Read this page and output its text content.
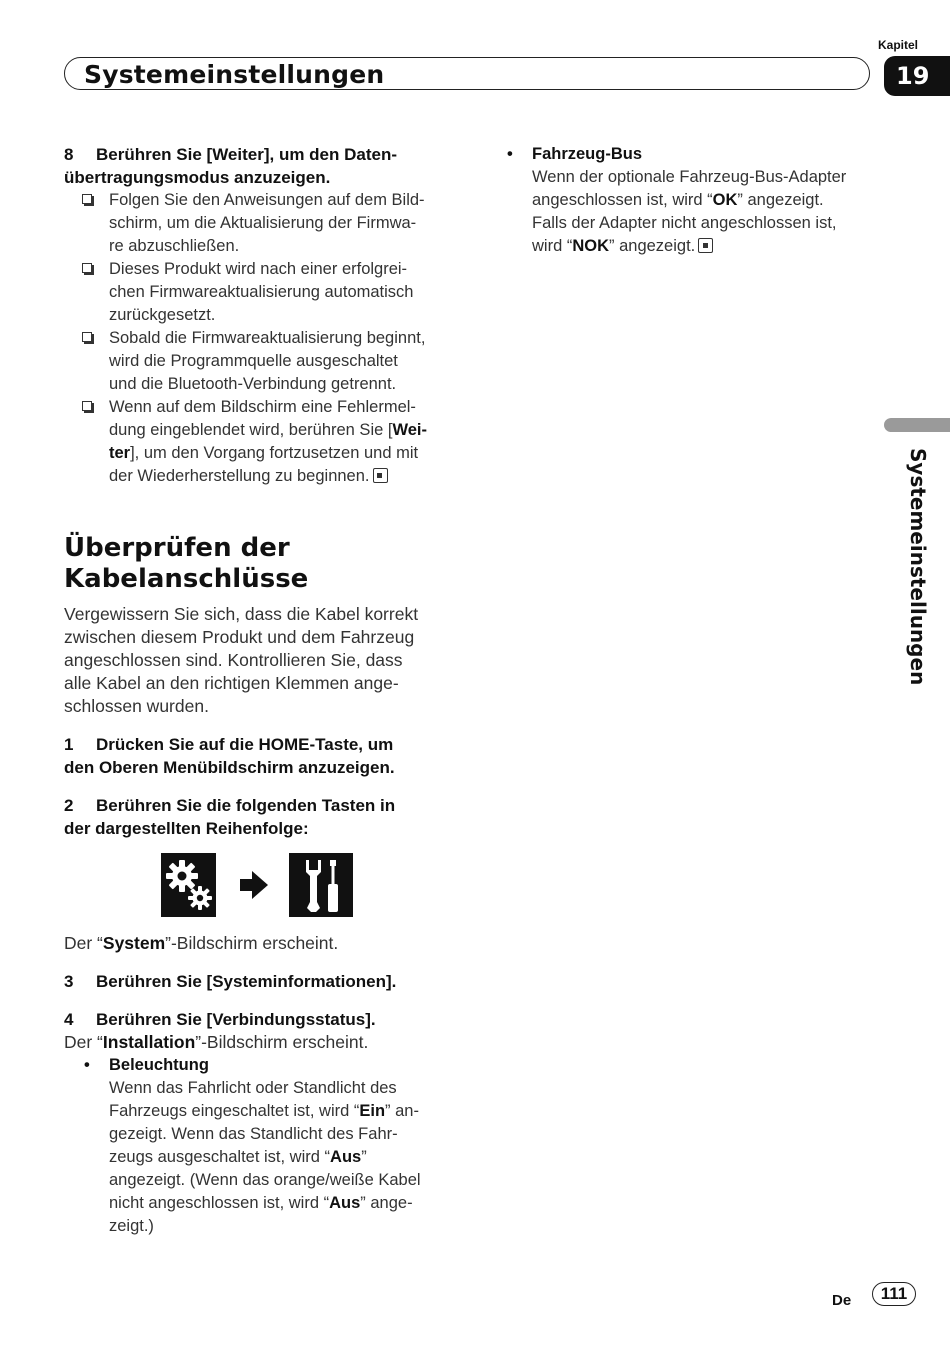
Systemeinstellungen
Kapitel
19
Systemeinstellungen
8 Berühren Sie [Weiter], um den Daten-
übertragungsmodus anzuzeigen.
Folgen Sie den Anweisungen auf dem Bild-
schirm, um die Aktualisierung der Firmwa-
re abzuschließen.
Dieses Produkt wird nach einer erfolgrei-
chen Firmwareaktualisierung automatisch
zurückgesetzt.
Sobald die Firmwareaktualisierung beginnt,
wird die Programmquelle ausgeschaltet
und die Bluetooth-Verbindung getrennt.
Wenn auf dem Bildschirm eine Fehlermel-
dung eingeblendet wird, berühren Sie [Wei-
ter], um den Vorgang fortzusetzen und mit
der Wiederherstellung zu beginnen.
Überprüfen der
Kabelanschlüsse
Vergewissern Sie sich, dass die Kabel korrekt
zwischen diesem Produkt und dem Fahrzeug
angeschlossen sind. Kontrollieren Sie, dass
alle Kabel an den richtigen Klemmen ange-
schlossen wurden.
1 Drücken Sie auf die HOME-Taste, um
den Oberen Menübildschirm anzuzeigen.
2 Berühren Sie die folgenden Tasten in
der dargestellten Reihenfolge:
Der “System”-Bildschirm erscheint.
3 Berühren Sie [Systeminformationen].
4 Berühren Sie [Verbindungsstatus].
Der “Installation”-Bildschirm erscheint.
• Beleuchtung
Wenn das Fahrlicht oder Standlicht des
Fahrzeugs eingeschaltet ist, wird “Ein” an-
gezeigt. Wenn das Standlicht des Fahr-
zeugs ausgeschaltet ist, wird “Aus”
angezeigt. (Wenn das orange/weiße Kabel
nicht angeschlossen ist, wird “Aus” ange-
zeigt.)
• Fahrzeug-Bus
Wenn der optionale Fahrzeug-Bus-Adapter
angeschlossen ist, wird “OK” angezeigt.
Falls der Adapter nicht angeschlossen ist,
wird “NOK” angezeigt.
De	111
